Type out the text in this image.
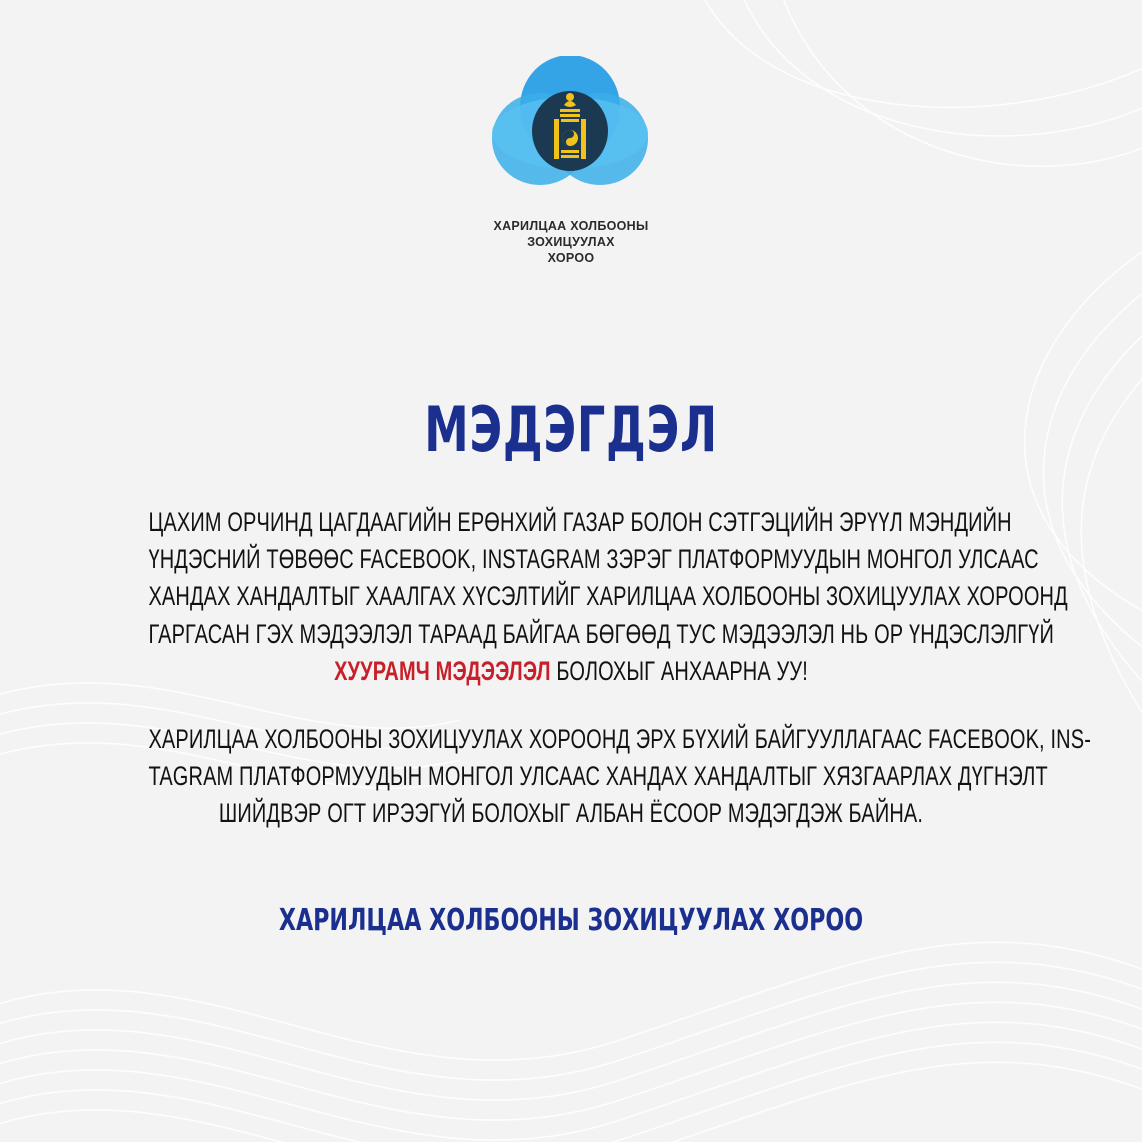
ХАРИЛЦАА ХОЛБООНЫ
ЗОХИЦУУЛАХ
ХОРОО
МЭДЭГДЭЛ
ЦАХИМ ОРЧИНД ЦАГДААГИЙН ЕРӨНХИЙ ГАЗАР БОЛОН СЭТГЭЦИЙН ЭРҮҮЛ МЭНДИЙН
ҮНДЭСНИЙ ТӨВӨӨС FACEBOOK, INSTAGRAM ЗЭРЭГ ПЛАТФОРМУУДЫН МОНГОЛ УЛСААС
ХАНДАХ ХАНДАЛТЫГ ХААЛГАХ ХҮСЭЛТИЙГ ХАРИЛЦАА ХОЛБООНЫ ЗОХИЦУУЛАХ ХОРООНД
ГАРГАСАН ГЭХ МЭДЭЭЛЭЛ ТАРААД БАЙГАА БӨГӨӨД ТУС МЭДЭЭЛЭЛ НЬ ОР ҮНДЭСЛЭЛГҮЙ
ХУУРАМЧ МЭДЭЭЛЭЛ БОЛОХЫГ АНХААРНА УУ!
ХАРИЛЦАА ХОЛБООНЫ ЗОХИЦУУЛАХ ХОРООНД ЭРХ БҮХИЙ БАЙГУУЛЛАГААС FACEBOOK, INS-
TAGRAM ПЛАТФОРМУУДЫН МОНГОЛ УЛСААС ХАНДАХ ХАНДАЛТЫГ ХЯЗГААРЛАХ ДҮГНЭЛТ
ШИЙДВЭР ОГТ ИРЭЭГҮЙ БОЛОХЫГ АЛБАН ЁСООР МЭДЭГДЭЖ БАЙНА.
ХАРИЛЦАА ХОЛБООНЫ ЗОХИЦУУЛАХ ХОРОО
